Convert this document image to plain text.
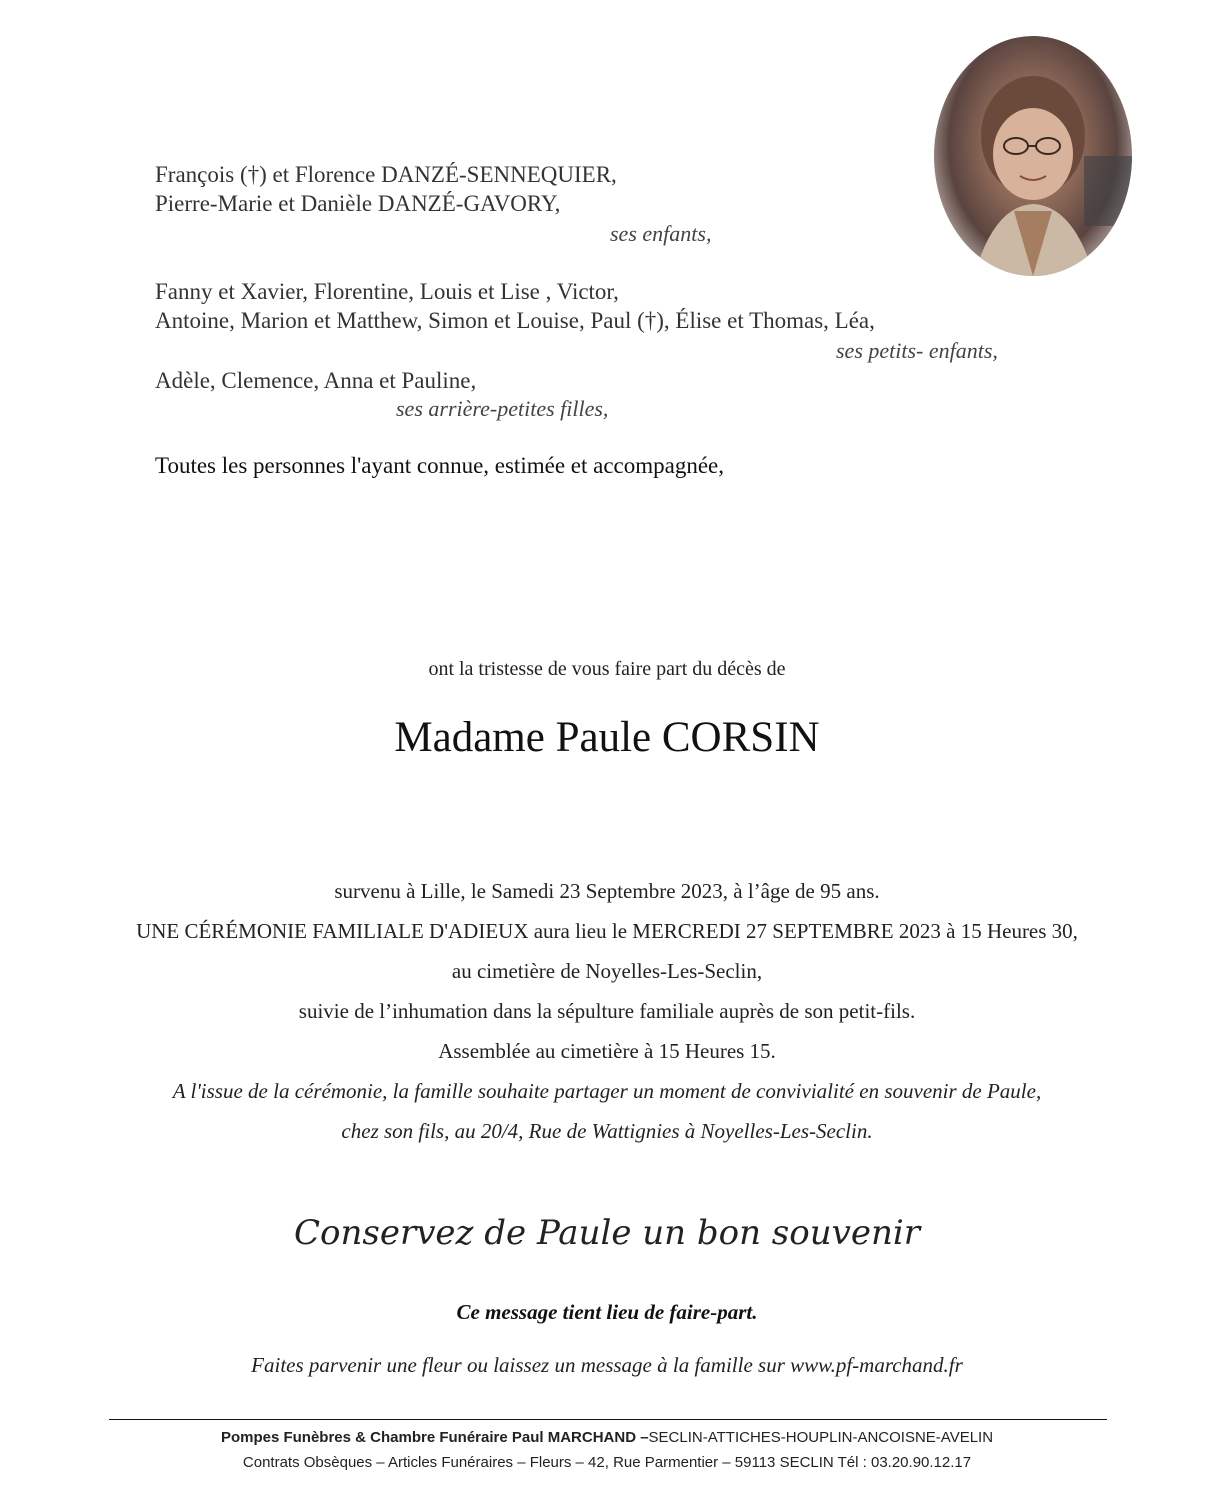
François (†) et Florence DANZÉ-SENNEQUIER,
Pierre-Marie et Danièle DANZÉ-GAVORY,
ses enfants,
Fanny et Xavier, Florentine, Louis et Lise , Victor,
Antoine, Marion et Matthew, Simon et Louise, Paul (†), Élise et Thomas, Léa,
ses petits- enfants,
Adèle, Clemence, Anna et Pauline,
ses arrière-petites filles,
Toutes les personnes l'ayant connue, estimée et accompagnée,
ont la tristesse de vous faire part du décès de
Madame Paule CORSIN
survenu à Lille, le Samedi 23 Septembre 2023, à l’âge de 95 ans.
UNE CÉRÉMONIE FAMILIALE D'ADIEUX aura lieu le MERCREDI 27 SEPTEMBRE 2023 à 15 Heures 30,
au cimetière de Noyelles-Les-Seclin,
suivie de l’inhumation dans la sépulture familiale auprès de son petit-fils.
Assemblée au cimetière à 15 Heures 15.
A l'issue de la cérémonie, la famille souhaite partager un moment de convivialité en souvenir de Paule,
chez son fils, au 20/4, Rue de Wattignies à Noyelles-Les-Seclin.
Conservez de Paule un bon souvenir
Ce message tient lieu de faire-part.
Faites parvenir une fleur ou laissez un message à la famille sur www.pf-marchand.fr
Pompes Funèbres & Chambre Funéraire Paul MARCHAND –SECLIN-ATTICHES-HOUPLIN-ANCOISNE-AVELIN
Contrats Obsèques – Articles Funéraires – Fleurs – 42, Rue Parmentier – 59113 SECLIN Tél : 03.20.90.12.17
